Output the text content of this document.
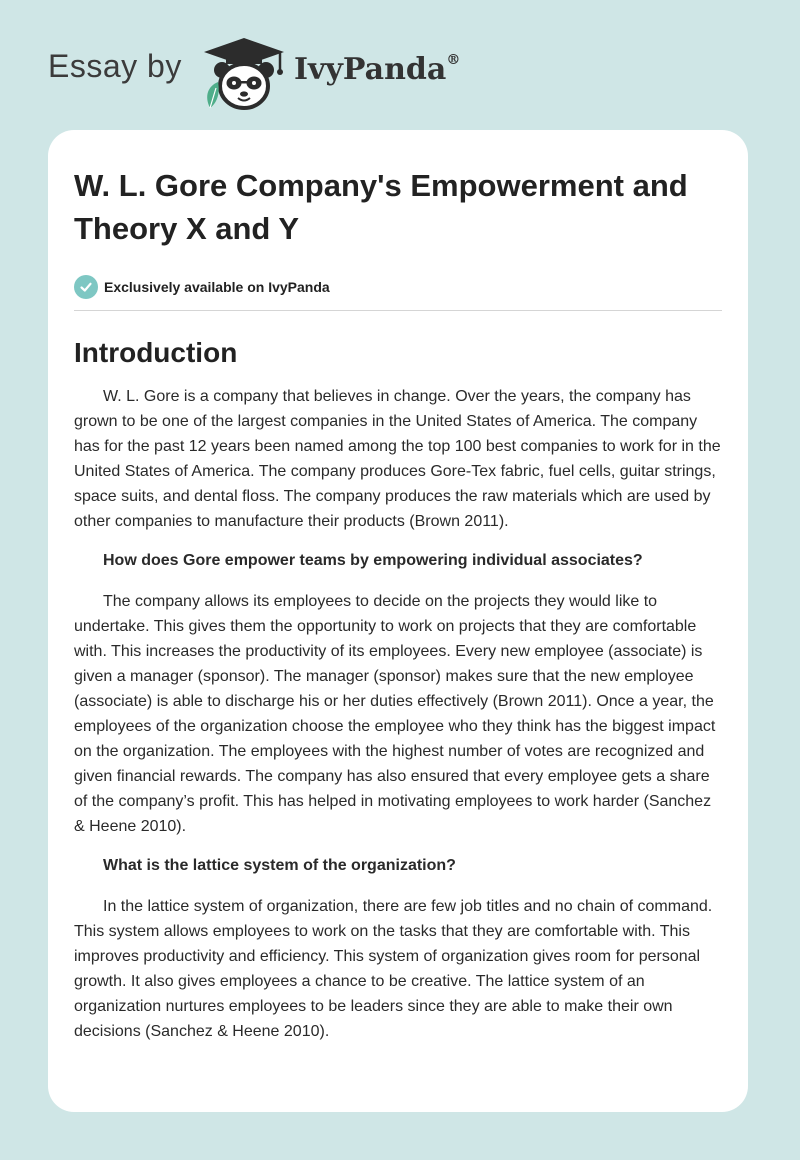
Essay by	IvyPanda®
W. L. Gore Company's Empowerment and Theory X and Y
Exclusively available on IvyPanda
Introduction

W. L. Gore is a company that believes in change. Over the years, the company has grown to be one of the largest companies in the United States of America. The company has for the past 12 years been named among the top 100 best companies to work for in the United States of America. The company produces Gore-Tex fabric, fuel cells, guitar strings, space suits, and dental floss. The company produces the raw materials which are used by other companies to manufacture their products (Brown 2011).

How does Gore empower teams by empowering individual associates?

The company allows its employees to decide on the projects they would like to undertake. This gives them the opportunity to work on projects that they are comfortable with. This increases the productivity of its employees. Every new employee (associate) is given a manager (sponsor). The manager (sponsor) makes sure that the new employee (associate) is able to discharge his or her duties effectively (Brown 2011). Once a year, the employees of the organization choose the employee who they think has the biggest impact on the organization. The employees with the highest number of votes are recognized and given financial rewards. The company has also ensured that every employee gets a share of the company’s profit. This has helped in motivating employees to work harder (Sanchez & Heene 2010).

What is the lattice system of the organization?

In the lattice system of organization, there are few job titles and no chain of command. This system allows employees to work on the tasks that they are comfortable with. This improves productivity and efficiency. This system of organization gives room for personal growth. It also gives employees a chance to be creative. The lattice system of an organization nurtures employees to be leaders since they are able to make their own decisions (Sanchez & Heene 2010).
